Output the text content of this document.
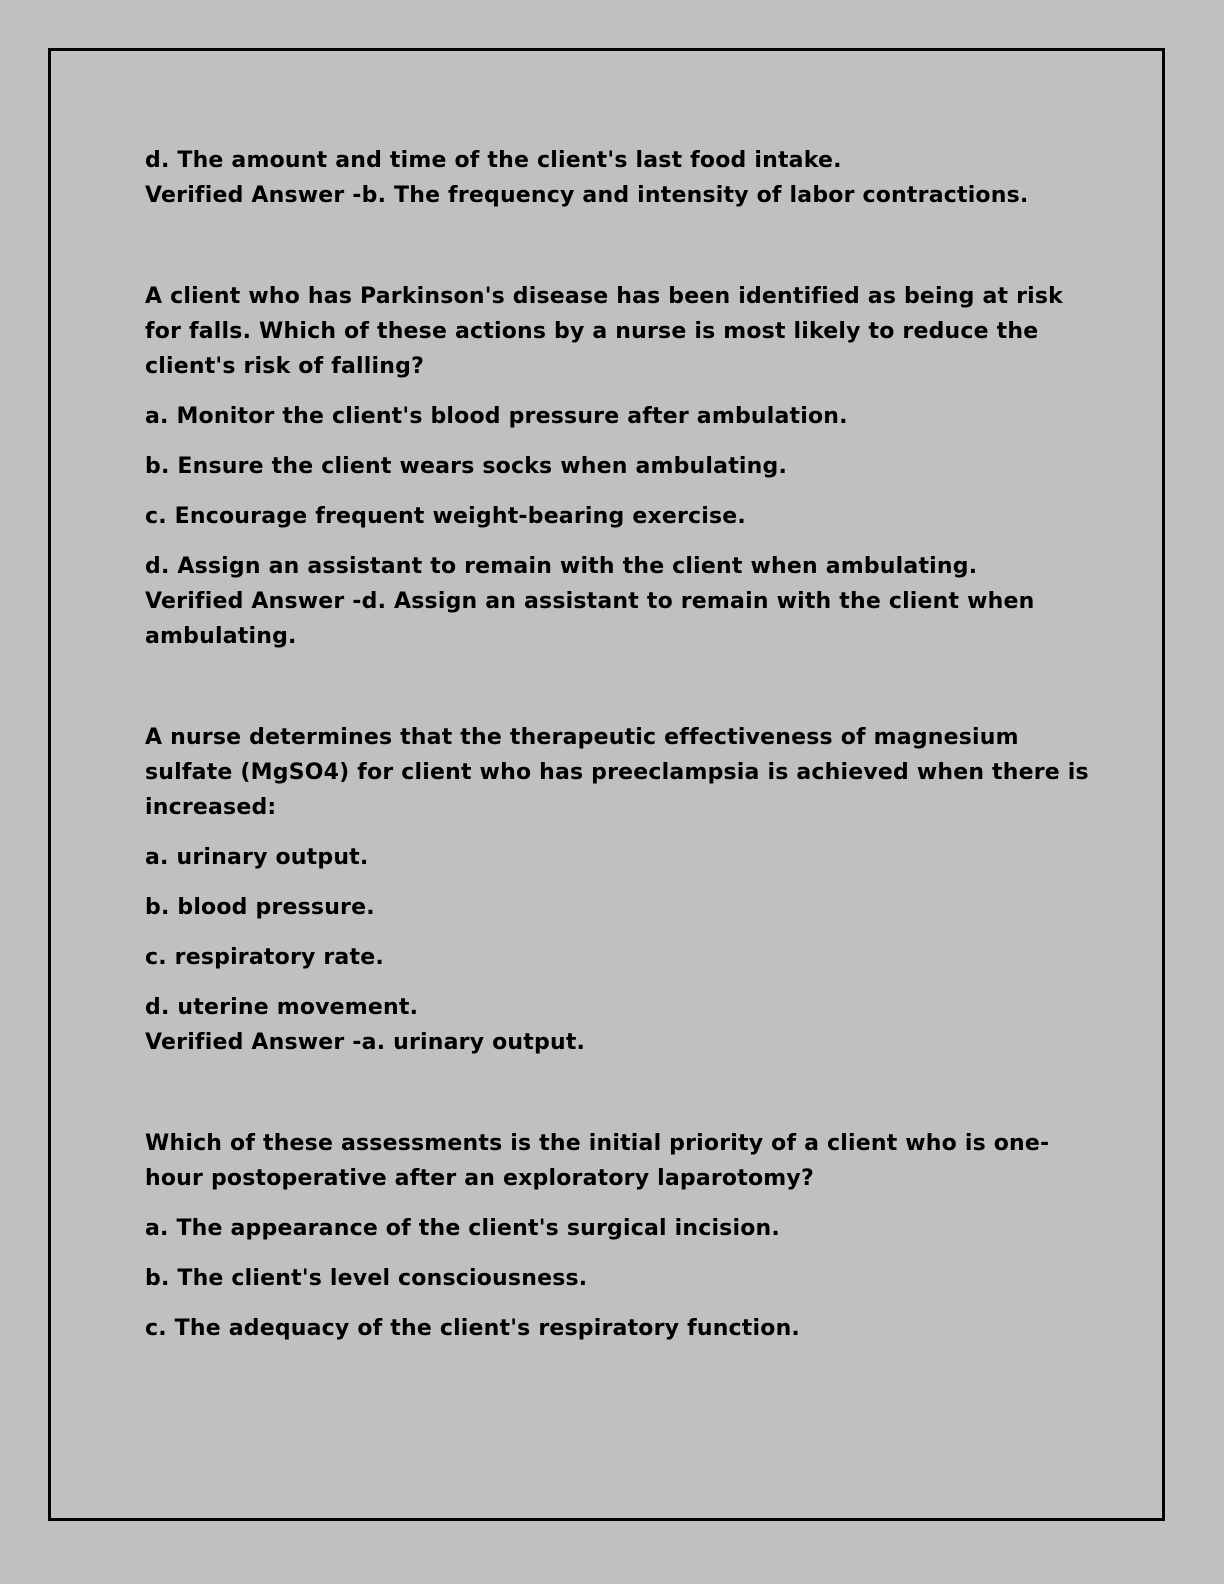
d. The amount and time of the client's last food intake.
Verified Answer -b. The frequency and intensity of labor contractions.
A client who has Parkinson's disease has been identified as being at risk
for falls. Which of these actions by a nurse is most likely to reduce the
client's risk of falling?
a. Monitor the client's blood pressure after ambulation.
b. Ensure the client wears socks when ambulating.
c. Encourage frequent weight-bearing exercise.
d. Assign an assistant to remain with the client when ambulating.
Verified Answer -d. Assign an assistant to remain with the client when
ambulating.
A nurse determines that the therapeutic effectiveness of magnesium
sulfate (MgSO4) for client who has preeclampsia is achieved when there is
increased:
a. urinary output.
b. blood pressure.
c. respiratory rate.
d. uterine movement.
Verified Answer -a. urinary output.
Which of these assessments is the initial priority of a client who is one-
hour postoperative after an exploratory laparotomy?
a. The appearance of the client's surgical incision.
b. The client's level consciousness.
c. The adequacy of the client's respiratory function.
